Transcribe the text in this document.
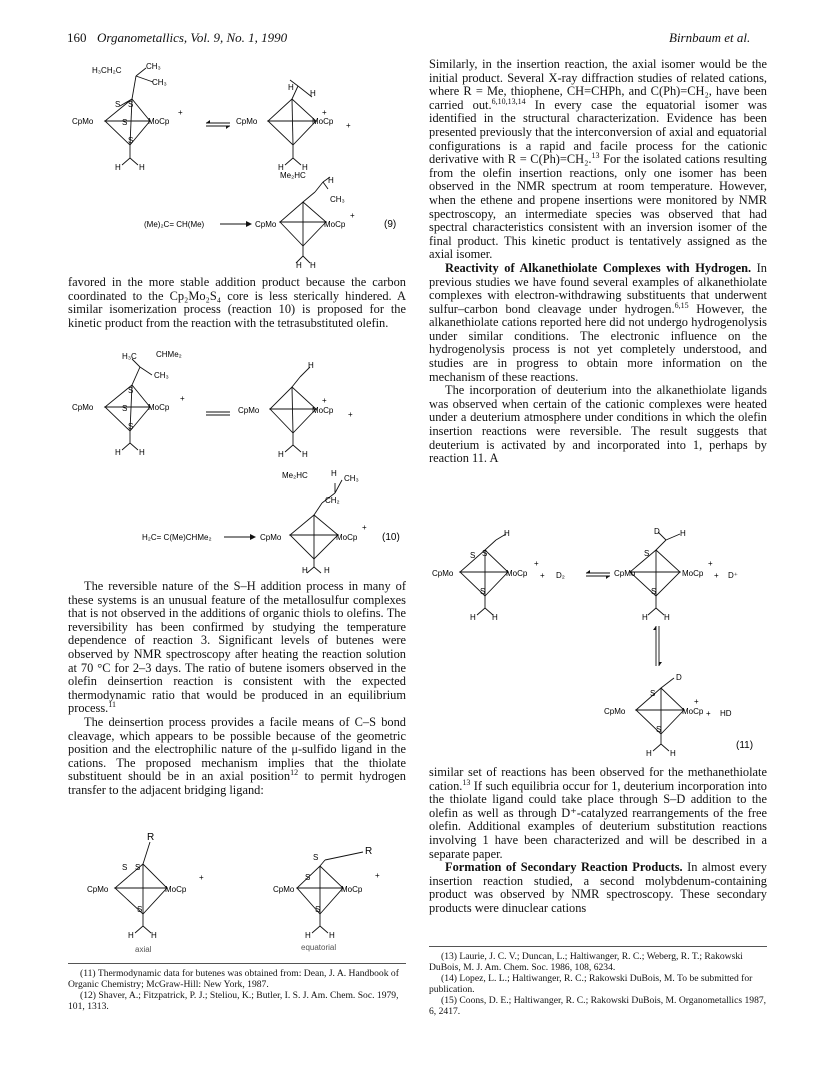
160 Organometallics, Vol. 9, No. 1, 1990	Birnbaum et al.

favored in the more stable addition product because the carbon coordinated to the Cp₂Mo₂S₄ core is less sterically hindered. A similar isomerization process (reaction 10) is proposed for the kinetic product from the reaction with the tetrasubstituted olefin.

The reversible nature of the S–H addition process in many of these systems is an unusual feature of the metallosulfur complexes that is not observed in the additions of organic thiols to olefins. The reversibility has been confirmed by studying the temperature dependence of reaction 3. Significant levels of butenes were observed by NMR spectroscopy after heating the reaction solution at 70 °C for 2–3 days. The ratio of butene isomers observed in the olefin deinsertion reaction is consistent with the expected thermodynamic ratio that would be produced in an equilibrium process.$^{11}$

The deinsertion process provides a facile means of C–S bond cleavage, which appears to be possible because of the geometric position and the electrophilic nature of the μ-sulfido ligand in the cations. The proposed mechanism implies that the thiolate substituent should be in an axial position$^{12}$ to permit hydrogen transfer to the adjacent bridging ligand:

Similarly, in the insertion reaction, the axial isomer would be the initial product. Several X-ray diffraction studies of related cations, where R = Me, thiophene, CH=CHPh, and C(Ph)=CH₂, have been carried out.$^{6,10,13,14}$ In every case the equatorial isomer was identified in the structural characterization. Evidence has been presented previously that the interconversion of axial and equatorial configurations is a rapid and facile process for the cationic derivative with R = C(Ph)=CH₂.$^{13}$ For the isolated cations resulting from the olefin insertion reactions, only one isomer has been observed in the NMR spectrum at room temperature. However, when the ethene and propene insertions were monitored by NMR spectroscopy, an intermediate species was observed that had spectral characteristics consistent with an inversion isomer of the final product. This kinetic product is tentatively assigned as the axial isomer.

Reactivity of Alkanethiolate Complexes with Hydrogen. In previous studies we have found several examples of alkanethiolate complexes with electron-withdrawing substituents that underwent sulfur–carbon bond cleavage under hydrogen.$^{6,15}$ However, the alkanethiolate cations reported here did not undergo hydrogenolysis under similar conditions. The electronic influence on the hydrogenolysis process is not yet completely understood, and studies are in progress to obtain more information on the mechanism of these reactions.

The incorporation of deuterium into the alkanethiolate ligands was observed when certain of the cationic complexes were heated under a deuterium atmosphere under conditions in which the olefin insertion reactions were reversible. The result suggests that deuterium is activated by and incorporated into 1, perhaps by reaction 11. A

similar set of reactions has been observed for the methanethiolate cation.$^{13}$ If such equilibria occur for 1, deuterium incorporation into the thiolate ligand could take place through S–D addition to the olefin as well as through D⁺-catalyzed rearrangements of the free olefin. Additional examples of deuterium substitution reactions involving 1 have been characterized and will be described in a separate paper.

Formation of Secondary Reaction Products. In almost every insertion reaction studied, a second molybdenum-containing product was observed by NMR spectroscopy. These secondary products were dinuclear cations

(11) Thermodynamic data for butenes was obtained from: Dean, J. A. Handbook of Organic Chemistry; McGraw-Hill: New York, 1987.

(12) Shaver, A.; Fitzpatrick, P. J.; Steliou, K.; Butler, I. S. J. Am. Chem. Soc. 1979, 101, 1313.

(13) Laurie, J. C. V.; Duncan, L.; Haltiwanger, R. C.; Weberg, R. T.; Rakowski DuBois, M. J. Am. Chem. Soc. 1986, 108, 6234.

(14) Lopez, L. L.; Haltiwanger, R. C.; Rakowski DuBois, M. To be submitted for publication.

(15) Coons, D. E.; Haltiwanger, R. C.; Rakowski DuBois, M. Organometallics 1987, 6, 2417.

H₃CH₂C	CH₃
CH₃
S
S
S
S
CpMo	MoCp
+
H H
CpMo	MoCp
+
+
H
H
H H
Me₂HC
H
CH₃
(Me)₂C= CH(Me)	CpMo	MoCp
+
H H
(9)
H₃C CHMe₂
CH₃
S
S
S
CpMo	MoCp
+
H H
CpMo	MoCp
+
+
H
H H
Me₂HC	H
CH₃
CH₂
H₂C= C(Me)CHMe₂	CpMo	MoCp
+
H H
(10)
R
S
S
S
CpMo	MoCp
+
H H
axial
R
S
S
S
CpMo	MoCp
+
H H
equatorial
H
S
S
S
CpMo	MoCp
+
+ D₂
H H
D	H
S
S
CpMo	MoCp
+
+ D⁺
H H
D
S
S
CpMo	MoCp
+
+ HD
H H
(11)
